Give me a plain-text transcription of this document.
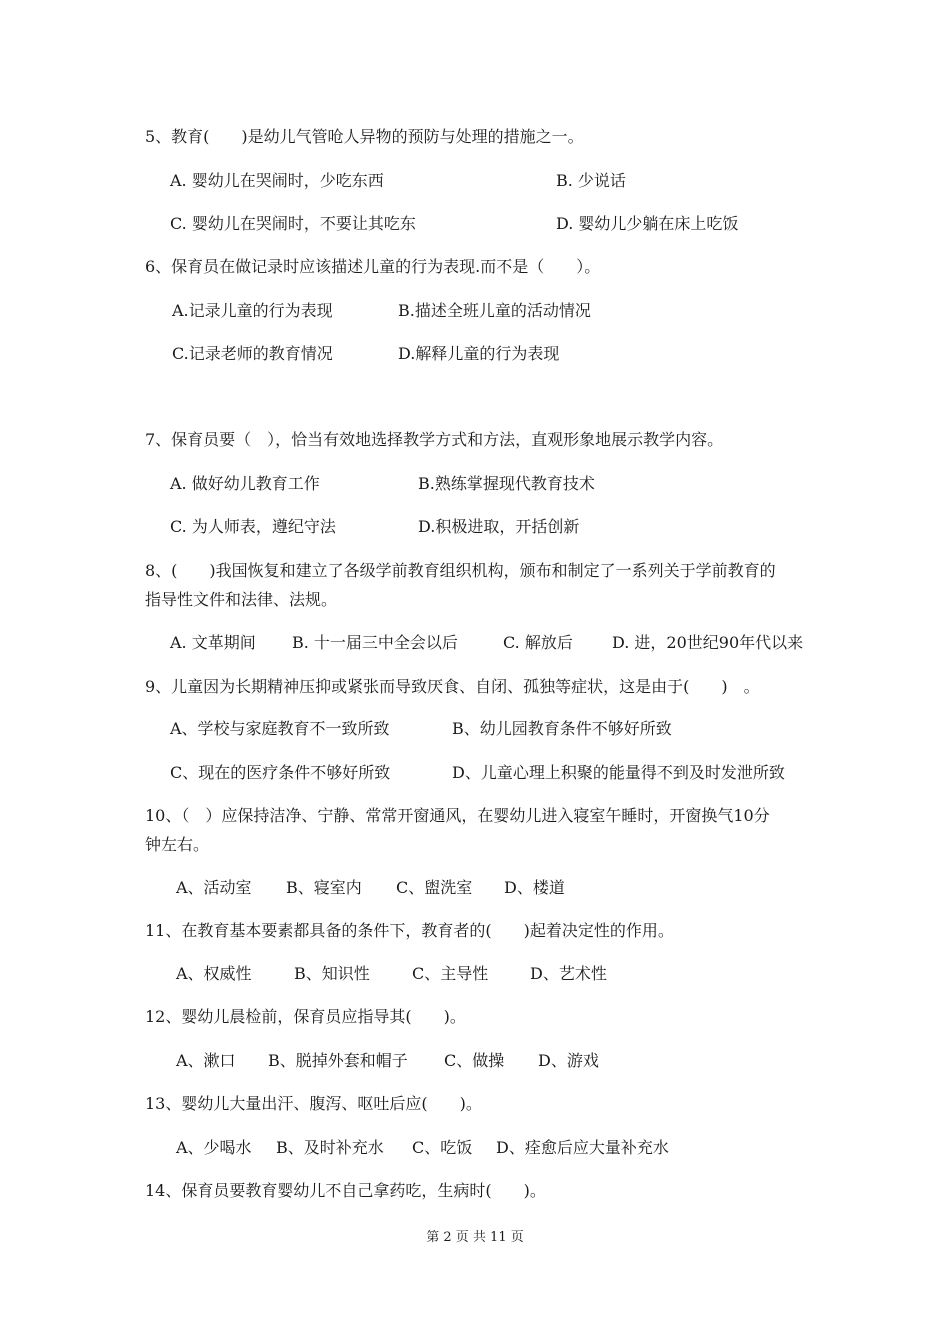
5、教育(　　)是幼儿气管呛人异物的预防与处理的措施之一。
A. 婴幼儿在哭闹时，少吃东西	B. 少说话
C. 婴幼儿在哭闹时，不要让其吃东	D. 婴幼儿少躺在床上吃饭
6、保育员在做记录时应该描述儿童的行为表现.而不是（　　）。
A.记录儿童的行为表现	B.描述全班儿童的活动情况
C.记录老师的教育情况	D.解释儿童的行为表现
7、保育员要（　），恰当有效地选择教学方式和方法，直观形象地展示教学内容。
A. 做好幼儿教育工作	B.熟练掌握现代教育技术
C. 为人师表，遵纪守法	D.积极进取，开括创新
8、(　　)我国恢复和建立了各级学前教育组织机构，颁布和制定了一系列关于学前教育的
指导性文件和法律、法规。
A. 文革期间 B. 十一届三中全会以后	C. 解放后 D. 进，20世纪90年代以来
9、儿童因为长期精神压抑或紧张而导致厌食、自闭、孤独等症状，这是由于(　　)　。
A、学校与家庭教育不一致所致	B、幼儿园教育条件不够好所致
C、现在的医疗条件不够好所致	D、儿童心理上积聚的能量得不到及时发泄所致
10、（　）应保持洁净、宁静、常常开窗通风，在婴幼儿进入寝室午睡时，开窗换气10分
钟左右。
A、活动室 B、寝室内 C、盥洗室 D、楼道
11、在教育基本要素都具备的条件下，教育者的(　　)起着决定性的作用。
A、权威性	B、知识性	C、主导性	D、艺术性
12、婴幼儿晨检前，保育员应指导其(　　)。
A、漱口 B、脱掉外套和帽子 C、做操 D、游戏
13、婴幼儿大量出汗、腹泻、呕吐后应(　　)。
A、少喝水 B、及时补充水 C、吃饭 D、痊愈后应大量补充水
14、保育员要教育婴幼儿不自己拿药吃，生病时(　　)。
第 2 页 共 11 页
